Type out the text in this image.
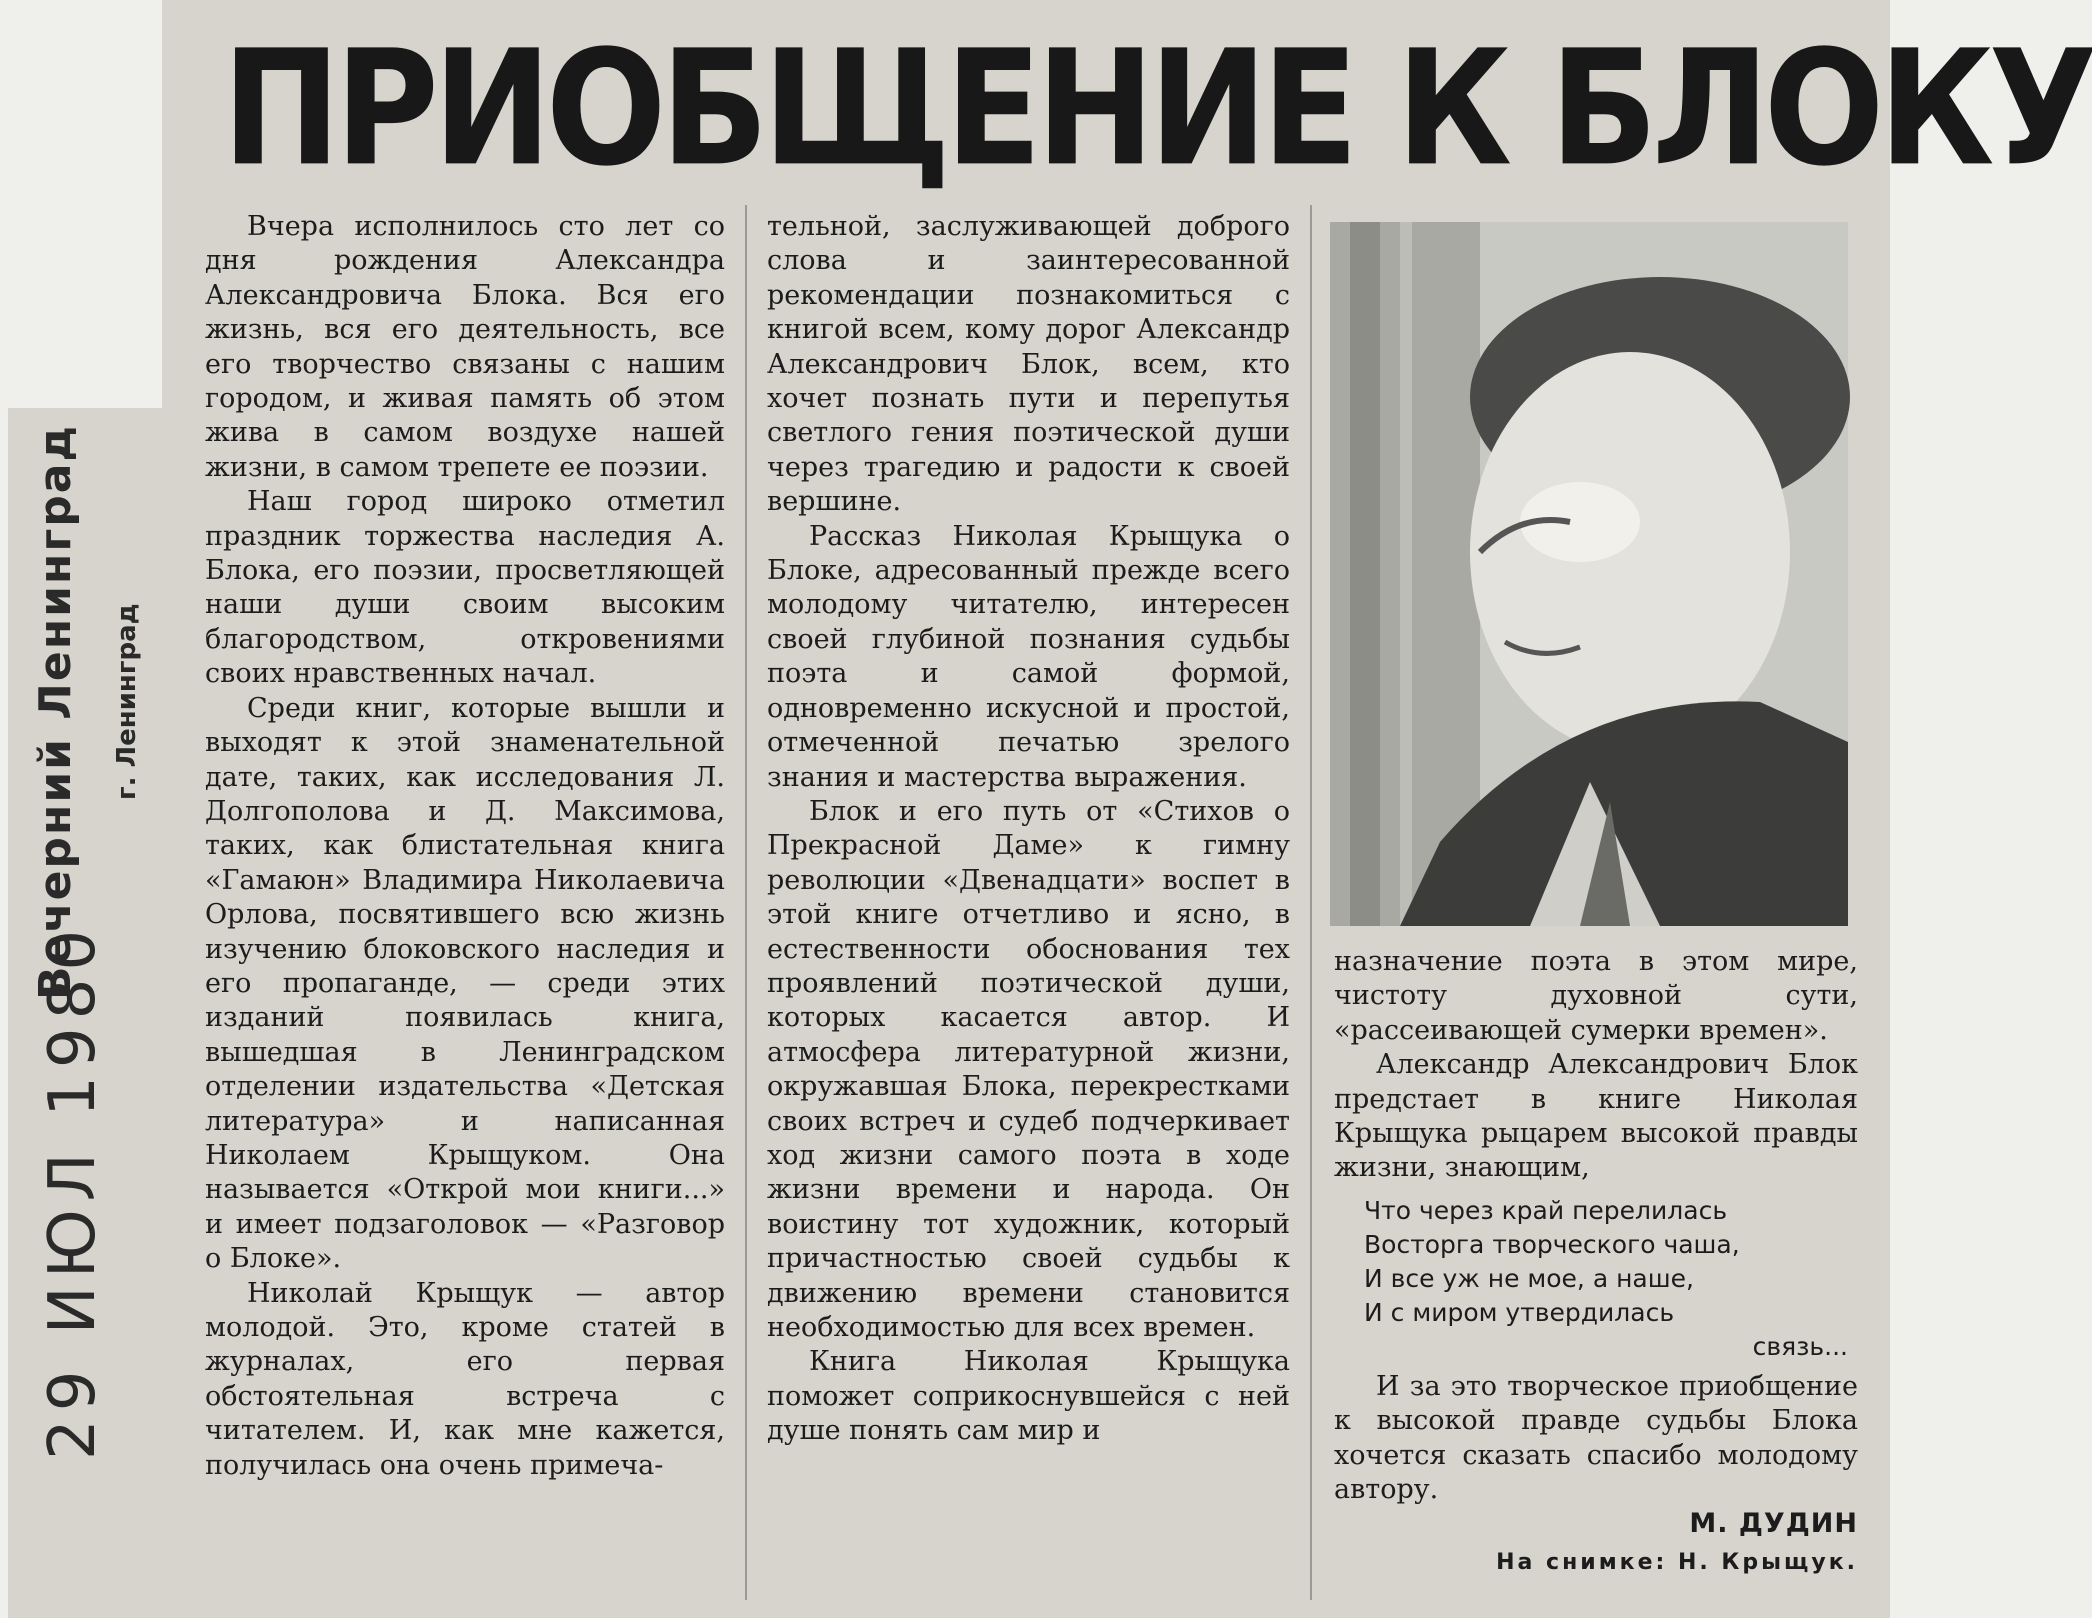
Вечерний Ленинград г. Ленинград
29 ИЮЛ 1980
ПРИОБЩЕНИЕ К БЛОКУ

Вчера исполнилось сто лет со дня рождения Александра Александровича Блока. Вся его жизнь, вся его деятельность, все его творчество связаны с нашим городом, и живая память об этом жива в самом воздухе нашей жизни, в самом трепете ее поэзии.

Наш город широко отметил праздник торжества наследия А. Блока, его поэзии, просветляющей наши души своим высоким благородством, откровениями своих нравственных начал.

Среди книг, которые вышли и выходят к этой знаменательной дате, таких, как исследования Л. Долгополова и Д. Максимова, таких, как блистательная книга «Гамаюн» Владимира Николаевича Орлова, посвятившего всю жизнь изучению блоковского наследия и его пропаганде, — среди этих изданий появилась книга, вышедшая в Ленинградском отделении издательства «Детская литература» и написанная Николаем Крыщуком. Она называется «Открой мои книги...» и имеет подзаголовок — «Разговор о Блоке».

Николай Крыщук — автор молодой. Это, кроме статей в журналах, его первая обстоятельная встреча с читателем. И, как мне кажется, получилась она очень примеча-

тельной, заслуживающей доброго слова и заинтересованной рекомендации познакомиться с книгой всем, кому дорог Александр Александрович Блок, всем, кто хочет познать пути и перепутья светлого гения поэтической души через трагедию и радости к своей вершине.

Рассказ Николая Крыщука о Блоке, адресованный прежде всего молодому читателю, интересен своей глубиной познания судьбы поэта и самой формой, одновременно искусной и простой, отмеченной печатью зрелого знания и мастерства выражения.

Блок и его путь от «Стихов о Прекрасной Даме» к гимну революции «Двенадцати» воспет в этой книге отчетливо и ясно, в естественности обоснования тех проявлений поэтической души, которых касается автор. И атмосфера литературной жизни, окружавшая Блока, перекрестками своих встреч и судеб подчеркивает ход жизни самого поэта в ходе жизни времени и народа. Он воистину тот художник, который причастностью своей судьбы к движению времени становится необходимостью для всех времен.

Книга Николая Крыщука поможет соприкоснувшейся с ней душе понять сам мир и

назначение поэта в этом мире, чистоту духовной сути, «рассеивающей сумерки времен».

Александр Александрович Блок предстает в книге Николая Крыщука рыцарем высокой правды жизни, знающим,

Что через край перелилась
Восторга творческого чаша,
И все уж не мое, а наше,
И с миром утвердилась
связь...

И за это творческое приобщение к высокой правде судьбы Блока хочется сказать спасибо молодому автору.

М. ДУДИН

На снимке: Н. Крыщук.
